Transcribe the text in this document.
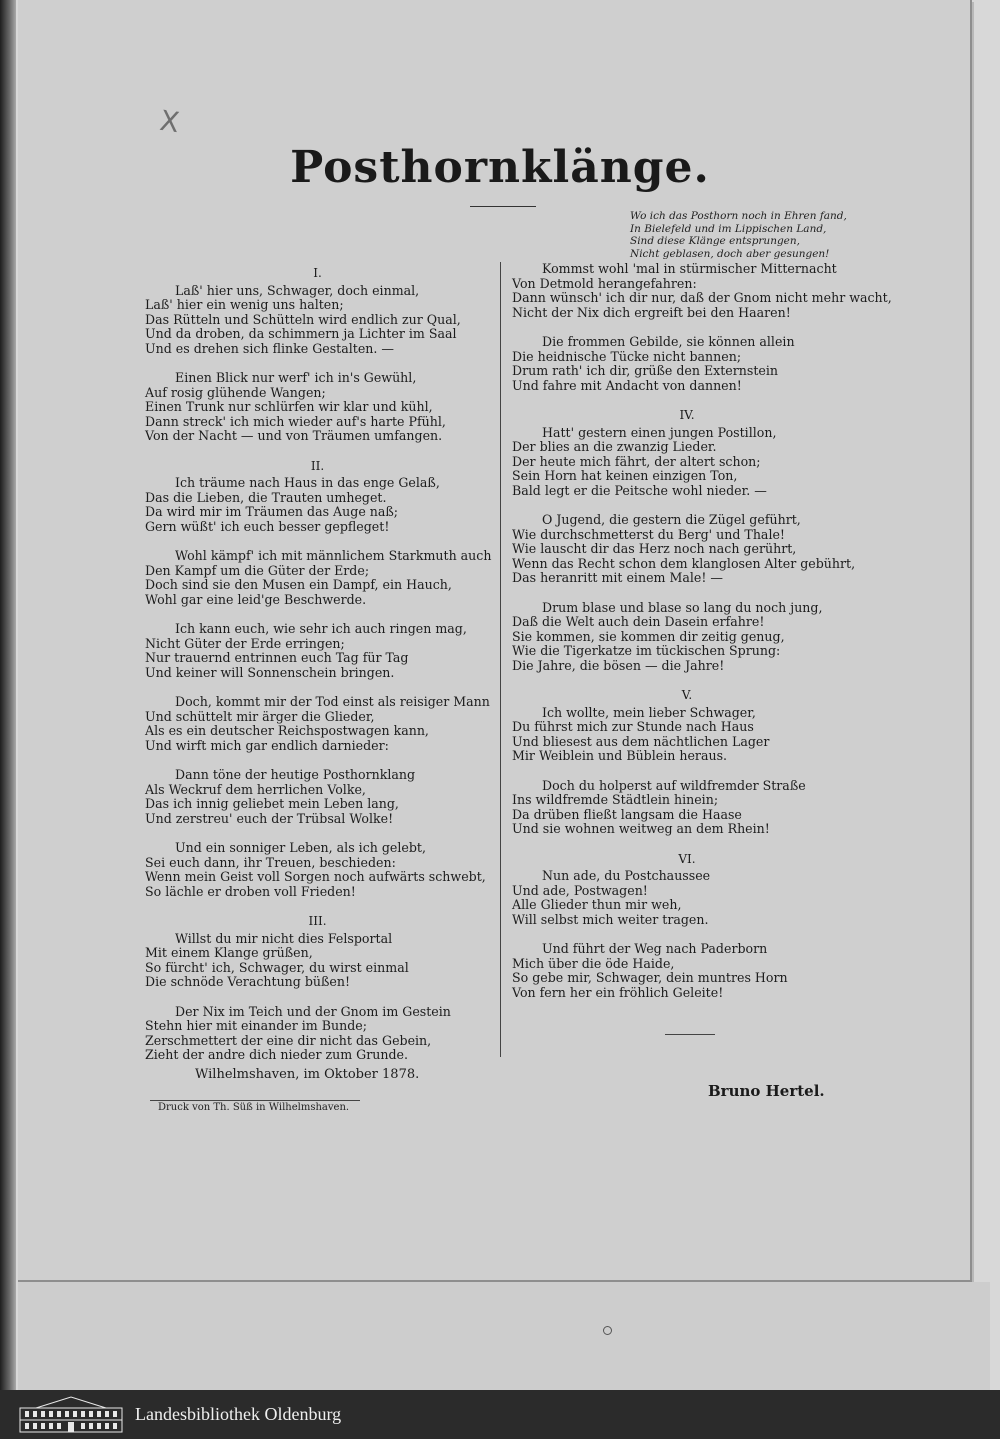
X
Posthornklänge.
Wo ich das Posthorn noch in Ehren fand,
In Bielefeld und im Lippischen Land,
Sind diese Klänge entsprungen,
Nicht geblasen, doch aber gesungen!
I.
Laß' hier uns, Schwager, doch einmal,
Laß' hier ein wenig uns halten;
Das Rütteln und Schütteln wird endlich zur Qual,
Und da droben, da schimmern ja Lichter im Saal
Und es drehen sich flinke Gestalten. —
Einen Blick nur werf' ich in's Gewühl,
Auf rosig glühende Wangen;
Einen Trunk nur schlürfen wir klar und kühl,
Dann streck' ich mich wieder auf's harte Pfühl,
Von der Nacht — und von Träumen umfangen.
II.
Ich träume nach Haus in das enge Gelaß,
Das die Lieben, die Trauten umheget.
Da wird mir im Träumen das Auge naß;
Gern wüßt' ich euch besser gepfleget!
Wohl kämpf' ich mit männlichem Starkmuth auch
Den Kampf um die Güter der Erde;
Doch sind sie den Musen ein Dampf, ein Hauch,
Wohl gar eine leid'ge Beschwerde.
Ich kann euch, wie sehr ich auch ringen mag,
Nicht Güter der Erde erringen;
Nur trauernd entrinnen euch Tag für Tag
Und keiner will Sonnenschein bringen.
Doch, kommt mir der Tod einst als reisiger Mann
Und schüttelt mir ärger die Glieder,
Als es ein deutscher Reichspostwagen kann,
Und wirft mich gar endlich darnieder:
Dann töne der heutige Posthornklang
Als Weckruf dem herrlichen Volke,
Das ich innig geliebet mein Leben lang,
Und zerstreu' euch der Trübsal Wolke!
Und ein sonniger Leben, als ich gelebt,
Sei euch dann, ihr Treuen, beschieden:
Wenn mein Geist voll Sorgen noch aufwärts schwebt,
So lächle er droben voll Frieden!
III.
Willst du mir nicht dies Felsportal
Mit einem Klange grüßen,
So fürcht' ich, Schwager, du wirst einmal
Die schnöde Verachtung büßen!
Der Nix im Teich und der Gnom im Gestein
Stehn hier mit einander im Bunde;
Zerschmettert der eine dir nicht das Gebein,
Zieht der andre dich nieder zum Grunde.
Kommst wohl 'mal in stürmischer Mitternacht
Von Detmold herangefahren:
Dann wünsch' ich dir nur, daß der Gnom nicht mehr wacht,
Nicht der Nix dich ergreift bei den Haaren!
Die frommen Gebilde, sie können allein
Die heidnische Tücke nicht bannen;
Drum rath' ich dir, grüße den Externstein
Und fahre mit Andacht von dannen!
IV.
Hatt' gestern einen jungen Postillon,
Der blies an die zwanzig Lieder.
Der heute mich fährt, der altert schon;
Sein Horn hat keinen einzigen Ton,
Bald legt er die Peitsche wohl nieder. —
O Jugend, die gestern die Zügel geführt,
Wie durchschmetterst du Berg' und Thale!
Wie lauscht dir das Herz noch nach gerührt,
Wenn das Recht schon dem klanglosen Alter gebührt,
Das heranritt mit einem Male! —
Drum blase und blase so lang du noch jung,
Daß die Welt auch dein Dasein erfahre!
Sie kommen, sie kommen dir zeitig genug,
Wie die Tigerkatze im tückischen Sprung:
Die Jahre, die bösen — die Jahre!
V.
Ich wollte, mein lieber Schwager,
Du führst mich zur Stunde nach Haus
Und bliesest aus dem nächtlichen Lager
Mir Weiblein und Büblein heraus.
Doch du holperst auf wildfremder Straße
Ins wildfremde Städtlein hinein;
Da drüben fließt langsam die Haase
Und sie wohnen weitweg an dem Rhein!
VI.
Nun ade, du Postchaussee
Und ade, Postwagen!
Alle Glieder thun mir weh,
Will selbst mich weiter tragen.
Und führt der Weg nach Paderborn
Mich über die öde Haide,
So gebe mir, Schwager, dein muntres Horn
Von fern her ein fröhlich Geleite!
Wilhelmshaven, im Oktober 1878.
Bruno Hertel.
Druck von Th. Süß in Wilhelmshaven.
Landesbibliothek Oldenburg
